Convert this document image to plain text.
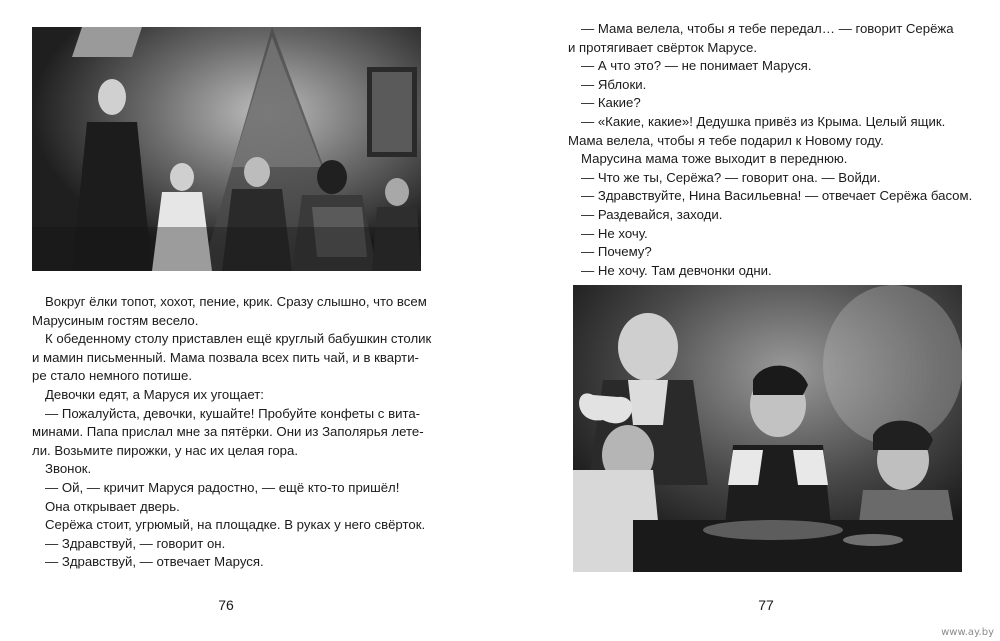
Вокруг ёлки топот, хохот, пение, крик. Сразу слышно, что всем
Марусиным гостям весело.

К обеденному столу приставлен ещё круглый бабушкин столик
и мамин письменный. Мама позвала всех пить чай, и в кварти-
ре стало немного потише.

Девочки едят, а Маруся их угощает:

— Пожалуйста, девочки, кушайте! Пробуйте конфеты с вита-
минами. Папа прислал мне за пятёрки. Они из Заполярья лете-
ли. Возьмите пирожки, у нас их целая гора.

Звонок.

— Ой, — кричит Маруся радостно, — ещё кто-то пришёл!

Она открывает дверь.

Серёжа стоит, угрюмый, на площадке. В руках у него свёрток.

— Здравствуй, — говорит он.

— Здравствуй, — отвечает Маруся.

76

— Мама велела, чтобы я тебе передал… — говорит Серёжа
и протягивает свёрток Марусе.

— А что это? — не понимает Маруся.

— Яблоки.

— Какие?

— «Какие, какие»! Дедушка привёз из Крыма. Целый ящик.
Мама велела, чтобы я тебе подарил к Новому году.

Марусина мама тоже выходит в переднюю.

— Что же ты, Серёжа? — говорит она. — Войди.

— Здравствуйте, Нина Васильевна! — отвечает Серёжа басом.

— Раздевайся, заходи.

— Не хочу.

— Почему?

— Не хочу. Там девчонки одни.

77
www.ay.by
